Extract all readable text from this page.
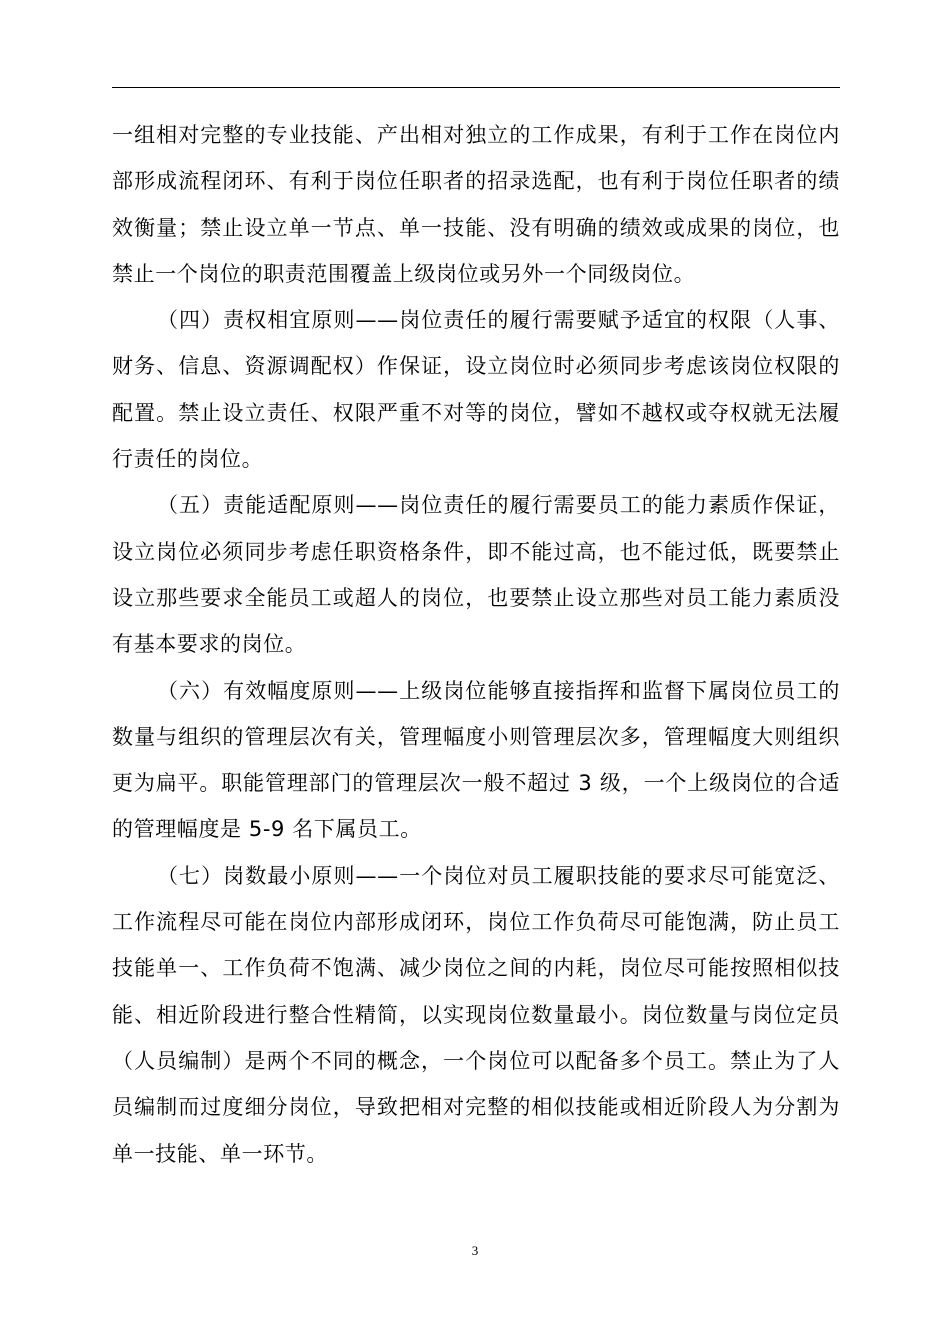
一组相对完整的专业技能、产出相对独立的工作成果，有利于工作在岗位内部形成流程闭环、有利于岗位任职者的招录选配，也有利于岗位任职者的绩效衡量；禁止设立单一节点、单一技能、没有明确的绩效或成果的岗位，也禁止一个岗位的职责范围覆盖上级岗位或另外一个同级岗位。

（四）责权相宜原则——岗位责任的履行需要赋予适宜的权限（人事、财务、信息、资源调配权）作保证，设立岗位时必须同步考虑该岗位权限的配置。禁止设立责任、权限严重不对等的岗位，譬如不越权或夺权就无法履行责任的岗位。

（五）责能适配原则——岗位责任的履行需要员工的能力素质作保证，设立岗位必须同步考虑任职资格条件，即不能过高，也不能过低，既要禁止设立那些要求全能员工或超人的岗位，也要禁止设立那些对员工能力素质没有基本要求的岗位。

（六）有效幅度原则——上级岗位能够直接指挥和监督下属岗位员工的数量与组织的管理层次有关，管理幅度小则管理层次多，管理幅度大则组织更为扁平。职能管理部门的管理层次一般不超过 3 级，一个上级岗位的合适的管理幅度是 5-9 名下属员工。

（七）岗数最小原则——一个岗位对员工履职技能的要求尽可能宽泛、工作流程尽可能在岗位内部形成闭环，岗位工作负荷尽可能饱满，防止员工技能单一、工作负荷不饱满、减少岗位之间的内耗，岗位尽可能按照相似技能、相近阶段进行整合性精简，以实现岗位数量最小。岗位数量与岗位定员（人员编制）是两个不同的概念，一个岗位可以配备多个员工。禁止为了人员编制而过度细分岗位，导致把相对完整的相似技能或相近阶段人为分割为单一技能、单一环节。

3
